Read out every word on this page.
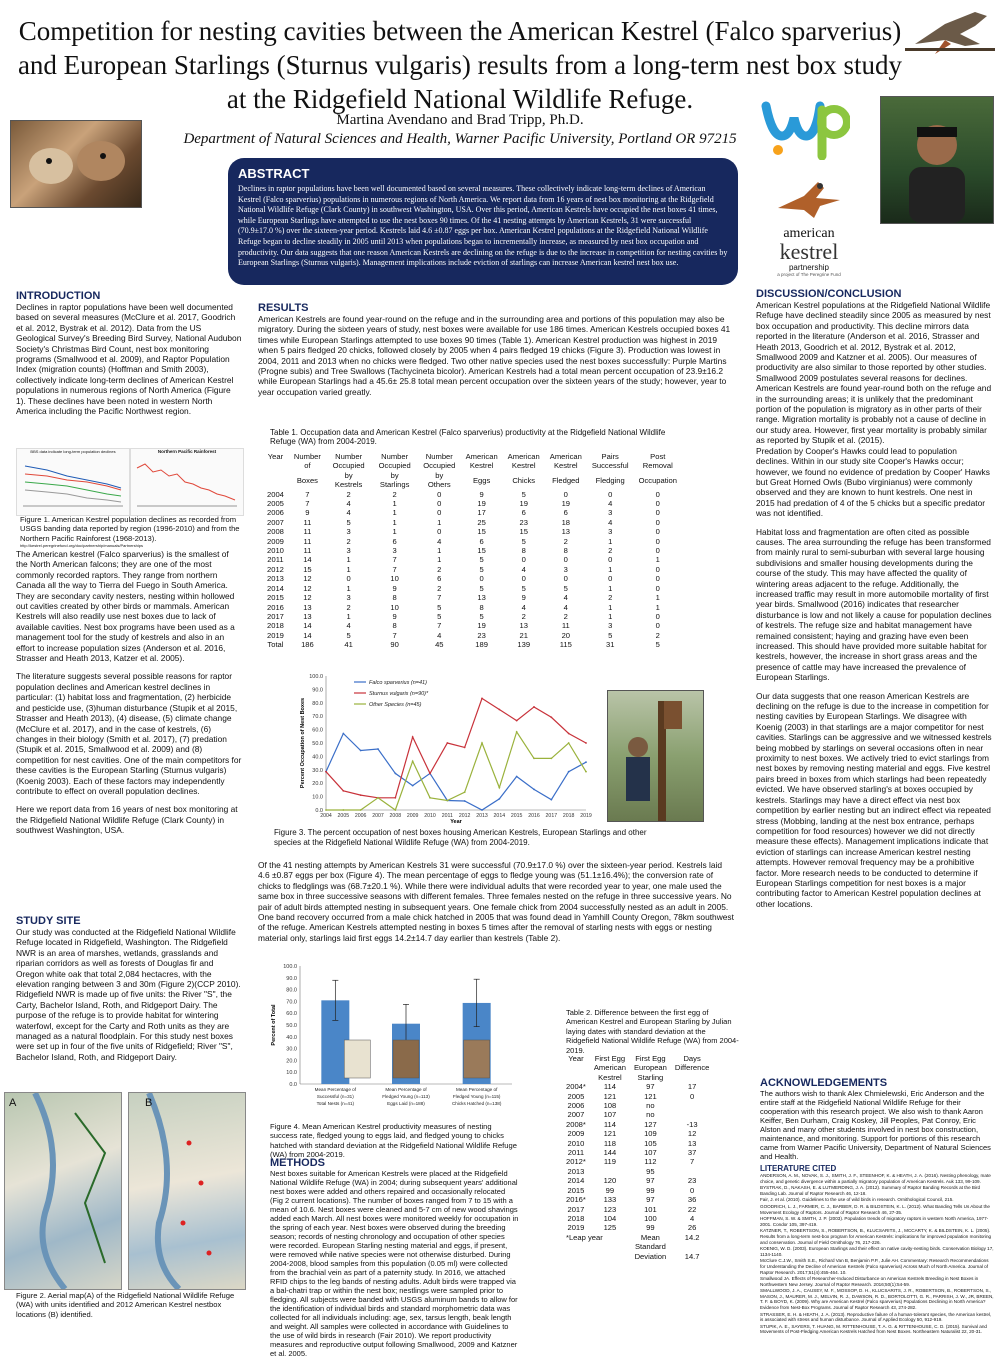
Competition for nesting cavities between the American Kestrel (Falco sparverius)
and European Starlings (Sturnus vulgaris) results from a long-term nest box study
at the Ridgefield National Wildlife Refuge.
Martina Avendano and Brad Tripp, Ph.D.
Department of Natural Sciences and Health, Warner Pacific University, Portland OR 97215
american
kestrel
partnership
a project of The Peregrine Fund
ABSTRACT

Declines in raptor populations have been well documented based on several measures. These collectively indicate long-term declines of American Kestrel (Falco sparverius) populations in numerous regions of North America. We report data from 16 years of nest box monitoring at the Ridgefield National Wildlife Refuge (Clark County) in southwest Washington, USA. Over this period, American Kestrels have occupied the nest boxes 41 times, while European Starlings have attempted to use the nest boxes 90 times. Of the 41 nesting attempts by American Kestrels, 31 were successful (70.9±17.0 %) over the sixteen-year period. Kestrels laid 4.6 ±0.87 eggs per box. American Kestrel populations at the Ridgefield National Wildlife Refuge began to decline steadily in 2005 until 2013 when populations began to incrementally increase, as measured by nest box occupation and productivity. Our data suggests that one reason American Kestrels are declining on the refuge is due to the increase in competition for nesting cavities by European Starlings (Sturnus vulgaris). Management implications include eviction of starlings can increase American kestrel nest box use.

INTRODUCTION

Declines in raptor populations have been well documented based on several measures (McClure et al. 2017, Goodrich et al. 2012, Bystrak et al. 2012). Data from the US Geological Survey's Breeding Bird Survey, National Audubon Society's Christmas Bird Count, nest box monitoring programs (Smallwood et al. 2009), and Raptor Population Index (migration counts) (Hoffman and Smith 2003), collectively indicate long-term declines of American Kestrel populations in numerous regions of North America (Figure 1). These declines have been noted in western North America including the Pacific Northwest region.

BBS data indicate long-term population declines	Northern Pacific Rainforest
Figure 1. American Kestrel population declines as recorded from USGS banding data reported by region (1996-2010) and from the Northern Pacific Rainforest (1968-2013).
http://kestrel.peregrinefund.org/doc/partnership/manuals/Partnerships

The American kestrel (Falco sparverius) is the smallest of the North American falcons; they are one of the most commonly recorded raptors. They range from northern Canada all the way to Tierra del Fuego in South America. They are secondary cavity nesters, nesting within hollowed out cavities created by other birds or mammals. American Kestrels will also readily use nest boxes due to lack of available cavities. Nest box programs have been used as a management tool for the study of kestrels and also in an effort to increase population sizes (Anderson et al. 2016, Strasser and Heath 2013, Katzer et al. 2005).

The literature suggests several possible reasons for raptor population declines and American kestrel declines in particular: (1) habitat loss and fragmentation, (2) herbicide and pesticide use, (3)human disturbance (Stupik et al 2015, Strasser and Heath 2013), (4) disease, (5) climate change (McClure et al. 2017), and in the case of kestrels, (6) changes in their biology (Smith et al. 2017), (7) predation (Stupik et al. 2015, Smallwood et al. 2009) and (8) competition for nest cavities. One of the main competitors for these cavities is the European Starling (Sturnus vulgaris) (Koenig 2003). Each of these factors may independently contribute to effect on overall population declines.

Here we report data from 16 years of nest box monitoring at the Ridgefield National Wildlife Refuge (Clark County) in southwest Washington, USA.

STUDY SITE

Our study was conducted at the Ridgefield National Wildlife Refuge located in Ridgefield, Washington. The Ridgefield NWR is an area of marshes, wetlands, grasslands and riparian corridors as well as forests of Douglas fir and Oregon white oak that total 2,084 hectacres, with the elevation ranging between 3 and 30m (Figure 2)(CCP 2010). Ridgefield NWR is made up of five units: the River "S", the Carty, Bachelor Island, Roth, and Ridgeport Dairy. The purpose of the refuge is to provide habitat for wintering waterfowl, except for the Carty and Roth units as they are managed as a natural floodplain. For this study nest boxes were set up in four of the five units of Ridgefield; River "S", Bachelor Island, Roth, and Ridgeport Dairy.

A	B
Figure 2. Aerial map(A) of the Ridgefield National Wildlife Refuge (WA) with units identified and 2012 American Kestrel nestbox locations (B) identified.
RESULTS

American Kestrels are found year-round on the refuge and in the surrounding area and portions of this population may also be migratory. During the sixteen years of study, nest boxes were available for use 186 times. American Kestrels occupied boxes 41 times while European Starlings attempted to use boxes 90 times (Table 1). American Kestrel production was highest in 2019 when 5 pairs fledged 20 chicks, followed closely by 2005 when 4 pairs fledged 19 chicks (Figure 3). Production was lowest in 2004, 2011 and 2013 when no chicks were fledged. Two other native species used the nest boxes successfully: Purple Martins (Progne subis) and Tree Swallows (Tachycineta bicolor). American Kestrels had a total mean percent occupation of 23.9±16.2 while European Starlings had a 45.6± 25.8 total mean percent occupation over the sixteen years of the study; however, year to year occupation varied greatly.

Table 1. Occupation data and American Kestrel (Falco sparverius) productivity at the Ridgefield National Wildlife Refuge (WA) from 2004-2019.
Year	Number	Number	Number	Number	American	American	American	Pairs	Post
	of	Occupied	Occupied	Occupied	Kestrel	Kestrel	Kestrel	Successful	Removal
	Boxes	by Kestrels	by Starlings	by Others	Eggs	Chicks	Fledged	Fledging	Occupation
2004	7	2	2	0	9	5	0	0	0
2005	7	4	1	0	19	19	19	4	0
2006	9	4	1	0	17	6	6	3	0
2007	11	5	1	1	25	23	18	4	0
2008	11	3	1	0	15	15	13	3	0
2009	11	2	6	4	6	5	2	1	0
2010	11	3	3	1	15	8	8	2	0
2011	14	1	7	1	5	0	0	0	1
2012	15	1	7	2	5	4	3	1	0
2013	12	0	10	6	0	0	0	0	0
2014	12	1	9	2	5	5	5	1	0
2015	12	3	8	7	13	9	4	2	1
2016	13	2	10	5	8	4	4	1	1
2017	13	1	9	5	5	2	2	1	0
2018	14	4	8	7	19	13	11	3	0
2019	14	5	7	4	23	21	20	5	2
Total	186	41	90	45	189	139	115	31	5
0.0
10.0
20.0
30.0
40.0
50.0
60.0
70.0
80.0
90.0
100.0
2004 2005 2006 2007 2008 2009 2010 2011 2012 2013 2014 2015 2016 2017 2018 2019
Year
Percent Occupation of Nest Boxes
Falco sparverius (n=41)
Sturnus vulgaris (n=90)*
Other Species (n=45)
Figure 3. The percent occupation of nest boxes housing American Kestrels, European Starlings and other species at the Ridgefield National Wildlife Refuge (WA) from 2004-2019.

Of the 41 nesting attempts by American Kestrels 31 were successful (70.9±17.0 %) over the sixteen-year period. Kestrels laid 4.6 ±0.87 eggs per box (Figure 4). The mean percentage of eggs to fledge young was (51.1±16.4%); the conversion rate of chicks to fledglings was (68.7±20.1 %). While there were individual adults that were recorded year to year, one male used the same box in three successive seasons with different females. Three females nested on the refuge in three successive years. No pair of adult birds attempted nesting in subsequent years. One female chick from 2004 successfully nested as an adult in 2005. One band recovery occurred from a male chick hatched in 2005 that was found dead in Yamhill County Oregon, 78km southwest of the refuge. American Kestrels attempted nesting in boxes 5 times after the removal of starling nests with eggs or nesting material only, starlings laid first eggs 14.2±14.7 day earlier than kestrels (Table 2).

0.0
10.0
20.0
30.0
40.0
50.0
60.0
70.0
80.0
90.0
100.0
Percent of Total
Mean Percentage of
Successful (n=31)
Total Nests (n=41)
Mean Percentage of
Fledged Young (n=113)
Eggs Laid (n=188)
Mean Percentage of
Fledged Young (n=115)
Chicks Hatched (n=138)
Figure 4. Mean American Kestrel productivity measures of nesting success rate, fledged young to eggs laid, and fledged young to chicks hatched with standard deviation at the Ridgefield National Wildlife Refuge (WA) from 2004-2019.
Table 2. Difference between the first egg of American Kestrel and European Starling by Julian laying dates with standard deviation at the Ridgefield National Wildlife Refuge (WA) from 2004-2019.
Year	First Egg	First Egg	Days
	American	European	Difference
	Kestrel	Starling	
2004*	114	97	17
2005	121	121	0
2006	108	no	
2007	107	no	
2008*	114	127	-13
2009	121	109	12
2010	118	105	13
2011	144	107	37
2012*	119	112	7
2013		95	
2014	120	97	23
2015	99	99	0
2016*	133	97	36
2017	123	101	22
2018	104	100	4
2019	125	99	26
*Leap year		Mean	14.2
		Standard	
		Deviation	14.7
METHODS

Nest boxes suitable for American Kestrels were placed at the Ridgefield National Wildlife Refuge (WA) in 2004; during subsequent years' additional nest boxes were added and others repaired and occasionally relocated (Fig 2 current locations). The number of boxes ranged from 7 to 15 with a mean of 10.6. Nest boxes were cleaned and 5-7 cm of new wood shavings added each March. All nest boxes were monitored weekly for occupation in the spring of each year. Nest boxes were observed during the breeding season; records of nesting chronology and occupation of other species were recorded. European Starling nesting material and eggs, if present, were removed while native species were not otherwise disturbed. During 2004-2008, blood samples from this population (0.05 ml) were collected from the brachial vein as part of a paternity study. In 2016, we attached RFID chips to the leg bands of nesting adults. Adult birds were trapped via a bal-chatri trap or within the nest box; nestlings were sampled prior to fledging. All subjects were banded with USGS aluminum bands to allow for the identification of individual birds and standard morphometric data was collected for all individuals including: age, sex, tarsus length, beak length and weight. All samples were collected in accordance with Guidelines to the use of wild birds in research (Fair 2010). We report productivity measures and reproductive output following Smallwood, 2009 and Katzner et al. 2005.

DISCUSSION/CONCLUSION

American Kestrel populations at the Ridgefield National Wildlife Refuge have declined steadily since 2005 as measured by nest box occupation and productivity. This decline mirrors data reported in the literature (Anderson et al. 2016, Strasser and Heath 2013, Goodrich et al. 2012, Bystrak et al. 2012, Smallwood 2009 and Katzner et al. 2005). Our measures of productivity are also similar to those reported by other studies. Smallwood 2009 postulates several reasons for declines. American Kestrels are found year-round both on the refuge and in the surrounding areas; it is unlikely that the predominant portion of the population is migratory as in other parts of their range. Migration mortality is probably not a cause of decline in our study area. However, first year mortality is probably similar as reported by Stupik et al. (2015).

Predation by Cooper's Hawks could lead to population declines. Within in our study site Cooper's Hawks occur; however, we found no evidence of predation by Cooper' Hawks but Great Horned Owls (Bubo virginianus) were commonly observed and they are known to hunt kestrels. One nest in 2015 had predation of 4 of the 5 chicks but a specific predator was not identified.

Habitat loss and fragmentation are often cited as possible causes. The area surrounding the refuge has been transformed from mainly rural to semi-suburban with several large housing subdivisions and smaller housing developments during the course of the study. This may have affected the quality of wintering areas adjacent to the refuge. Additionally, the increased traffic may result in more automobile mortality of first year birds. Smallwood (2016) indicates that researcher disturbance is low and not likely a cause for population declines of kestrels. The refuge size and habitat management have remained consistent; haying and grazing have even been increased. This should have provided more suitable habitat for kestrels, however, the increase in short grass areas and the presence of cattle may have increased the prevalence of European Starlings.

Our data suggests that one reason American Kestrels are declining on the refuge is due to the increase in competition for nesting cavities by European Starlings. We disagree with Koenig (2003) in that starlings are a major competitor for nest cavities. Starlings can be aggressive and we witnessed kestrels being mobbed by starlings on several occasions often in near proximity to nest boxes. We actively tried to evict starlings from nest boxes by removing nesting material and eggs. Five kestrel pairs breed in boxes from which starlings had been repeatedly evicted. We have observed starling's at boxes occupied by kestrels. Starlings may have a direct effect via nest box competition by earlier nesting but an indirect effect via repeated stress (Mobbing, landing at the nest box entrance, perhaps competition for food resources) however we did not directly measure these effects). Management implications indicate that eviction of starlings can increase American kestrel nesting attempts. However removal frequency may be a prohibitive factor. More research needs to be conducted to determine if European Starlings competition for nest boxes is a major contributing factor to American Kestrel population declines at other locations.

ACKNOWLEDGEMENTS

The authors wish to thank Alex Chmielewski, Eric Anderson and the entire staff at the Ridgefield National Wildlife Refuge for their cooperation with this research project. We also wish to thank Aaron Keiffer, Ben Durham, Craig Koskey, Jill Peoples, Pat Conroy, Eric Alston and many other students involved in nest box construction, maintenance, and monitoring. Support for portions of this research came from Warner Pacific University, Department of Natural Sciences and Health.

LITERATURE CITED

ANDERSON, A. M., NOVAK, S. J., SMITH, J. F., STEENHOF, K. & HEATH, J. A. (2016). Nesting phenology, mate choice, and genetic divergence within a partially migratory population of American Kestrels. Auk 133, 99-109.

BYSTRAK, D., NAKASH, E. & LUTMERDING, J. A. (2012). Summary of Raptor Banding Records at the Bird Banding Lab. Journal of Raptor Research 46, 12-18.

Fair, J. et al. (2010). Guidelines to the use of wild birds in research. Ornithological Council, 215.

GOODRICH, L. J., FARMER, C. J., BARBER, D. R. & BILDSTEIN, K. L. (2012). What Banding Tells Us About the Movement Ecology of Raptors. Journal of Raptor Research 46, 27-35.

HOFFMAN, S. W. & SMITH, J. P. (2003). Population trends of migratory raptors in western North America, 1977-2001. Condor 105, 397-419.

KATZNER, T., ROBERTSON, S., ROBERTSON, B., KLUCSARITS, J., MCCARTY, K. & BILDSTEIN, K. L. (2005). Results from a long-term nest-box program for American Kestrels: implications for improved population monitoring and conservation. Journal of Field Ornithology 76, 217-226.

KOENIG, W. D. (2003). European Starlings and their effect on native cavity-nesting birds. Conservation Biology 17, 1134-1140.

McClure C.J.W., Smith S.E., Richard Van B, Benjamin P.P., Julie AH. Commentary: Research Recommendations for Understanding the Decline of American Kestrels (Falco sparverius) Across Much of North America. Journal of Raptor Research. 2017;51(4):455-464. 10.

Smallwood JA. Effects of Researcher-Induced Disturbance on American Kestrels Breeding in Nest Boxes in Northwestern New Jersey. Journal of Raptor Research. 2016;50(1):54-59.

SMALLWOOD, J. A., CAUSEY, M. F., MOSSOP, D. H., KLUCSARITS, J. R., ROBERTSON, B., ROBERTSON, S., MASON, J., MAURER, M. J., MELVIN, R. J., DAWSON, R. D., BORTOLOTTI, G. R., PARRISH, J. W., JR, BREEN, T. F. & BOYD, K. (2009). Why are American Kestrel (Falco sparverius) Populations Declining in North America? Evidence from Nest-Box Programs. Journal of Raptor Research 43, 274-282.

STRASSER, E. H. & HEATH, J. A. (2013). Reproductive failure of a human-tolerant species, the American kestrel, is associated with stress and human disturbance. Journal of Applied Ecology 50, 912-919.

STUPIK, A. E., SAYERS, T. HUANG, M. RITTENHOUSE, T. A. G. & RITTENHOUSE, C. D. (2015). Survival and Movements of Post-Fledging American Kestrels Hatched from Nest Boxes. Northeastern Naturalist 22, 20-31.
